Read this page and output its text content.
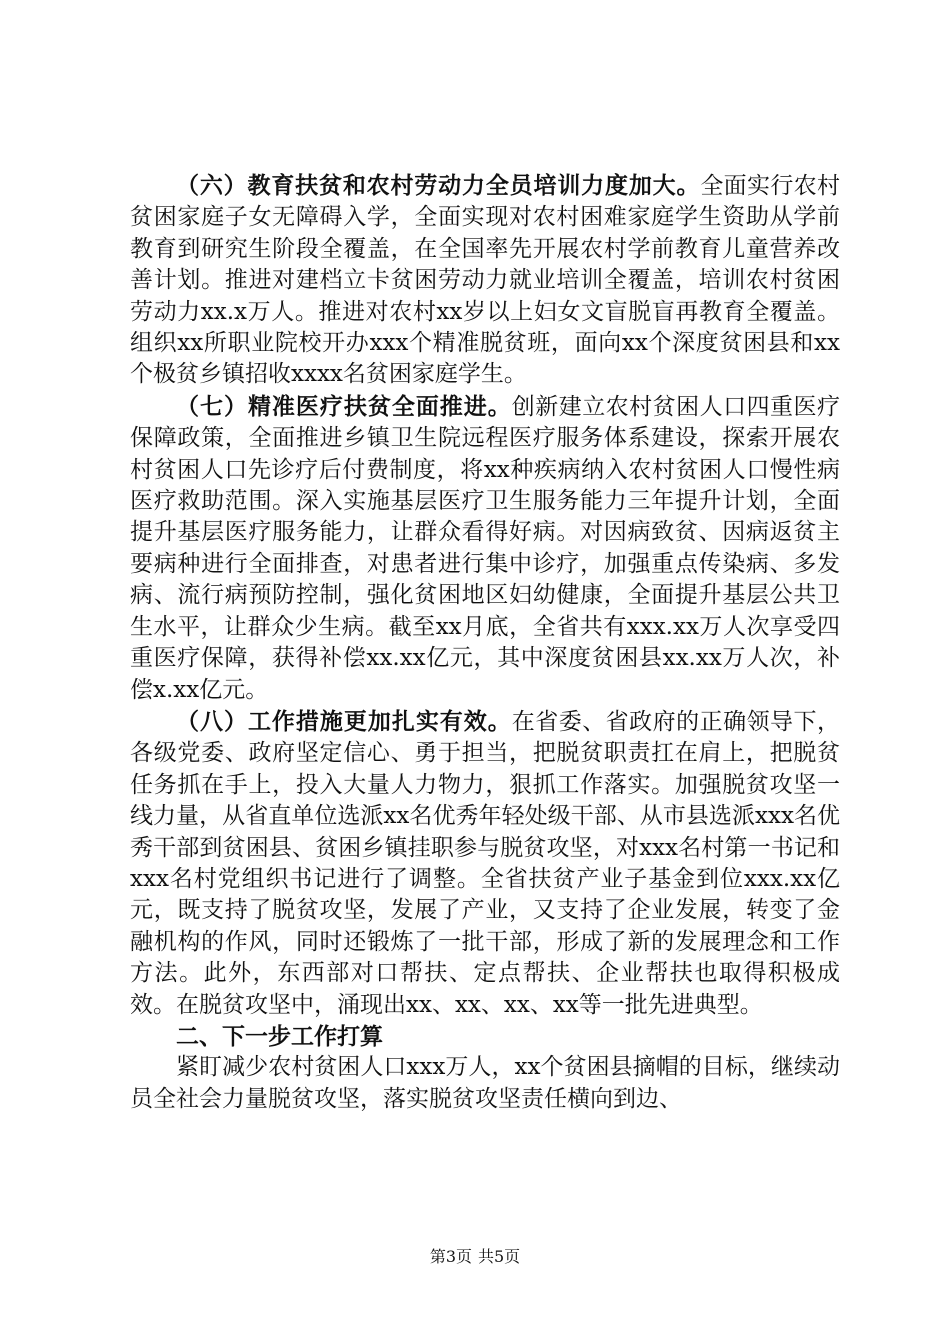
（六）教育扶贫和农村劳动力全员培训力度加大。全面实行农村贫困家庭子女无障碍入学，全面实现对农村困难家庭学生资助从学前教育到研究生阶段全覆盖，在全国率先开展农村学前教育儿童营养改善计划。推进对建档立卡贫困劳动力就业培训全覆盖，培训农村贫困劳动力xx.x万人。推进对农村xx岁以上妇女文盲脱盲再教育全覆盖。组织xx所职业院校开办xxx个精准脱贫班，面向xx个深度贫困县和xx个极贫乡镇招收xxxx名贫困家庭学生。

（七）精准医疗扶贫全面推进。创新建立农村贫困人口四重医疗保障政策，全面推进乡镇卫生院远程医疗服务体系建设，探索开展农村贫困人口先诊疗后付费制度，将xx种疾病纳入农村贫困人口慢性病医疗救助范围。深入实施基层医疗卫生服务能力三年提升计划，全面提升基层医疗服务能力，让群众看得好病。对因病致贫、因病返贫主要病种进行全面排查，对患者进行集中诊疗，加强重点传染病、多发病、流行病预防控制，强化贫困地区妇幼健康，全面提升基层公共卫生水平，让群众少生病。截至xx月底，全省共有xxx.xx万人次享受四重医疗保障，获得补偿xx.xx亿元，其中深度贫困县xx.xx万人次，补偿x.xx亿元。

（八）工作措施更加扎实有效。在省委、省政府的正确领导下，各级党委、政府坚定信心、勇于担当，把脱贫职责扛在肩上，把脱贫任务抓在手上，投入大量人力物力，狠抓工作落实。加强脱贫攻坚一线力量，从省直单位选派xx名优秀年轻处级干部、从市县选派xxx名优秀干部到贫困县、贫困乡镇挂职参与脱贫攻坚，对xxx名村第一书记和xxx名村党组织书记进行了调整。全省扶贫产业子基金到位xxx.xx亿元，既支持了脱贫攻坚，发展了产业，又支持了企业发展，转变了金融机构的作风，同时还锻炼了一批干部，形成了新的发展理念和工作方法。此外，东西部对口帮扶、定点帮扶、企业帮扶也取得积极成效。在脱贫攻坚中，涌现出xx、xx、xx、xx等一批先进典型。

二、下一步工作打算

紧盯减少农村贫困人口xxx万人，xx个贫困县摘帽的目标，继续动员全社会力量脱贫攻坚，落实脱贫攻坚责任横向到边、

第3页 共5页
